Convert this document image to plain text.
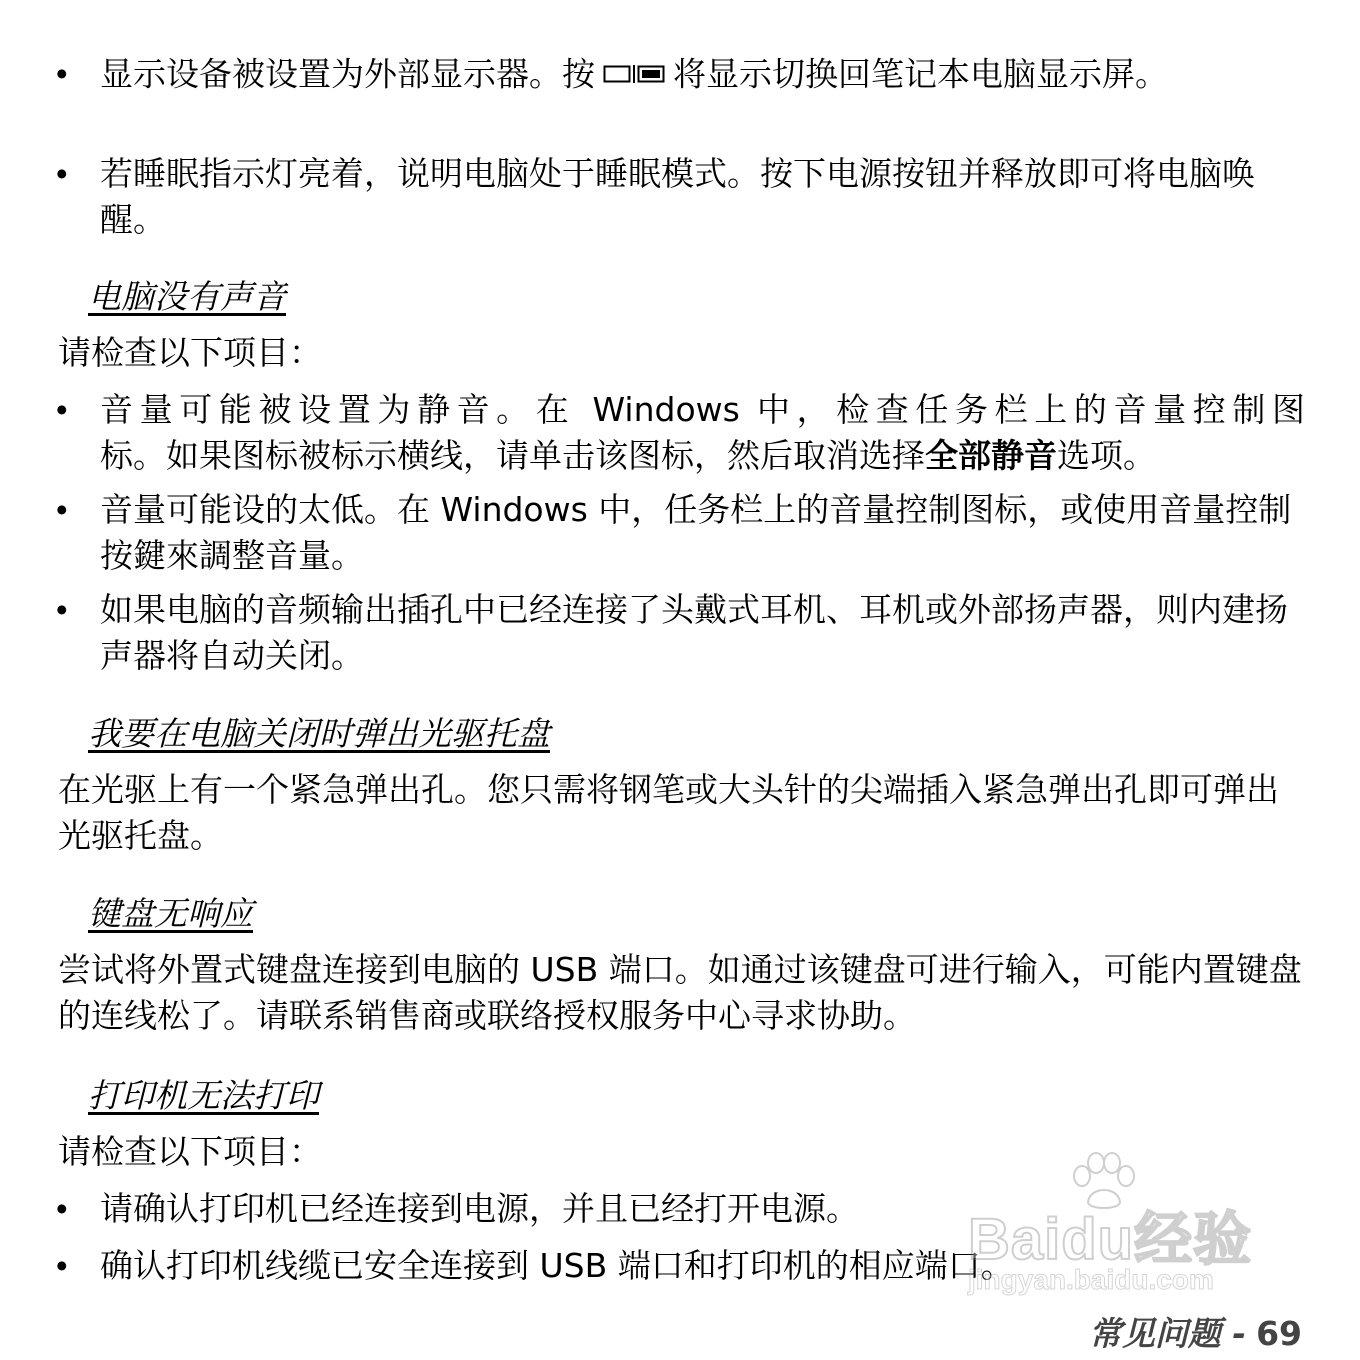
• 显示设备被设置为外部显示器。按 将显示切换回笔记本电脑显示屏。
• 若睡眠指示灯亮着，说明电脑处于睡眠模式。按下电源按钮并释放即可将电脑唤醒。
电脑没有声音
请检查以下项目：
• 音量可能被设置为静音。在 Windows 中，检查任务栏上的音量控制图
标。如果图标被标示横线，请单击该图标，然后取消选择全部静音选项。
• 音量可能设的太低。在 Windows 中，任务栏上的音量控制图标，或使用音量控制按鍵來調整音量。
• 如果电脑的音频输出插孔中已经连接了头戴式耳机、耳机或外部扬声器，则内建扬声器将自动关闭。
我要在电脑关闭时弹出光驱托盘
在光驱上有一个紧急弹出孔。您只需将钢笔或大头针的尖端插入紧急弹出孔即可弹出光驱托盘。
键盘无响应
尝试将外置式键盘连接到电脑的 USB 端口。如通过该键盘可进行输入，可能内置键盘的连线松了。请联系销售商或联络授权服务中心寻求协助。
打印机无法打印
请检查以下项目：
• 请确认打印机已经连接到电源，并且已经打开电源。
• 确认打印机线缆已安全连接到 USB 端口和打印机的相应端口。
Baidu经验
jingyan.baidu.com
常见问题 - 69
